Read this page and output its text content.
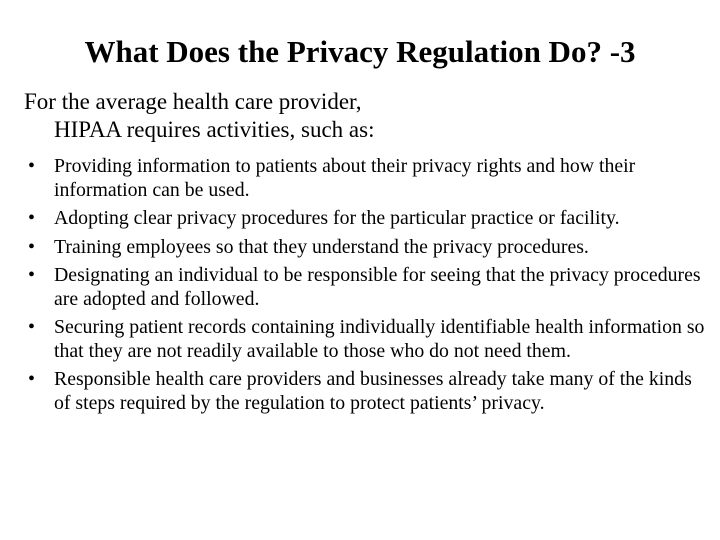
What Does the Privacy Regulation Do? -3

For the average health care provider,
HIPAA requires activities, such as:

• Providing information to patients about their privacy rights and how their information can be used.
• Adopting clear privacy procedures for the particular practice or facility.
• Training employees so that they understand the privacy procedures.
• Designating an individual to be responsible for seeing that the privacy procedures are adopted and followed.
• Securing patient records containing individually identifiable health information so that they are not readily available to those who do not need them.
• Responsible health care providers and businesses already take many of the kinds of steps required by the regulation to protect patients’ privacy.
